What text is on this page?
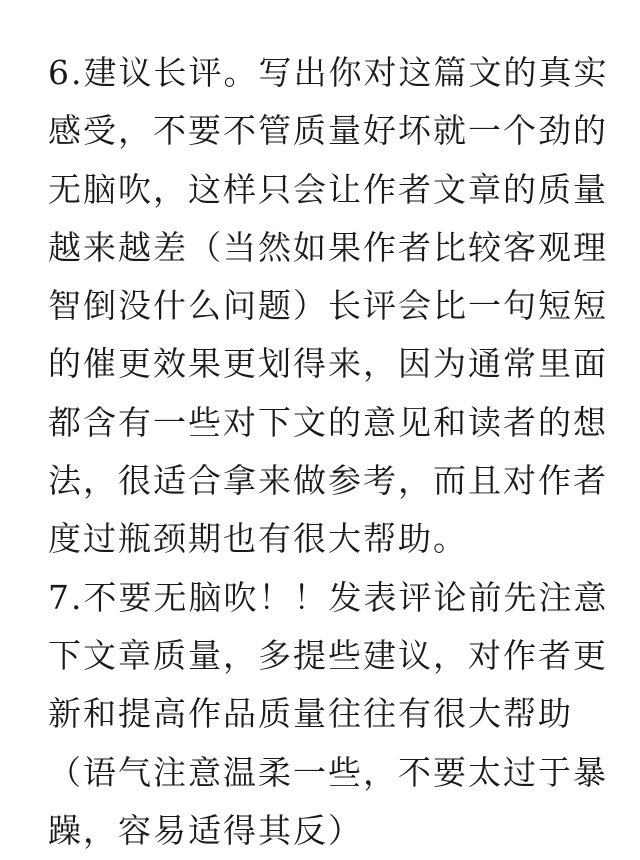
6.建议长评。写出你对这篇文的真实
感受，不要不管质量好坏就一个劲的
无脑吹，这样只会让作者文章的质量
越来越差（当然如果作者比较客观理
智倒没什么问题）长评会比一句短短
的催更效果更划得来，因为通常里面
都含有一些对下文的意见和读者的想
法，很适合拿来做参考，而且对作者
度过瓶颈期也有很大帮助。
7.不要无脑吹！！发表评论前先注意
下文章质量，多提些建议，对作者更
新和提高作品质量往往有很大帮助
（语气注意温柔一些，不要太过于暴
躁，容易适得其反）
